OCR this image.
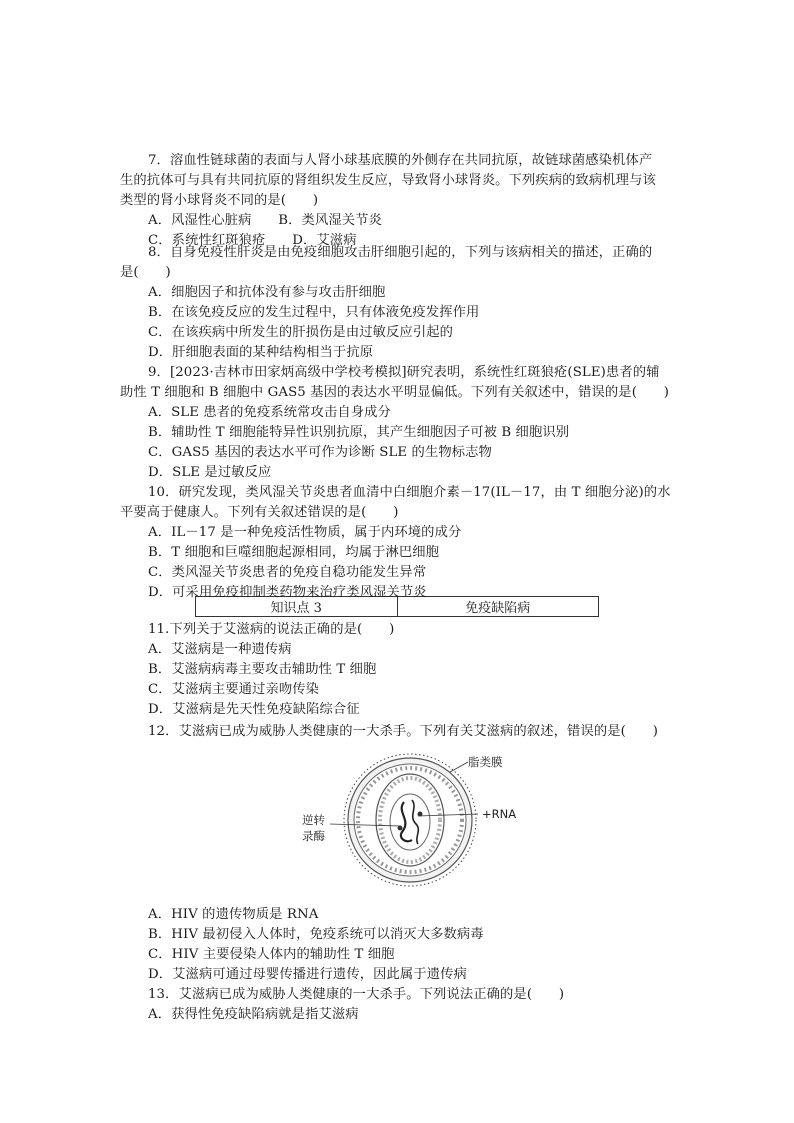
7．溶血性链球菌的表面与人肾小球基底膜的外侧存在共同抗原，故链球菌感染机体产
生的抗体可与具有共同抗原的肾组织发生反应，导致肾小球肾炎。下列疾病的致病机理与该
类型的肾小球肾炎不同的是(　　)
A．风湿性心脏病　　B．类风湿关节炎
C．系统性红斑狼疮　　D．艾滋病
8．自身免疫性肝炎是由免疫细胞攻击肝细胞引起的，下列与该病相关的描述，正确的
是(　　)
A．细胞因子和抗体没有参与攻击肝细胞
B．在该免疫反应的发生过程中，只有体液免疫发挥作用
C．在该疾病中所发生的肝损伤是由过敏反应引起的
D．肝细胞表面的某种结构相当于抗原
9．[2023·吉林市田家炳高级中学校考模拟]研究表明，系统性红斑狼疮(SLE)患者的辅
助性 T 细胞和 B 细胞中 GAS5 基因的表达水平明显偏低。下列有关叙述中，错误的是(　　)
A．SLE 患者的免疫系统常攻击自身成分
B．辅助性 T 细胞能特异性识别抗原，其产生细胞因子可被 B 细胞识别
C．GAS5 基因的表达水平可作为诊断 SLE 的生物标志物
D．SLE 是过敏反应
10．研究发现，类风湿关节炎患者血清中白细胞介素－17(IL－17，由 T 细胞分泌)的水
平要高于健康人。下列有关叙述错误的是(　　)
A．IL－17 是一种免疫活性物质，属于内环境的成分
B．T 细胞和巨噬细胞起源相同，均属于淋巴细胞
C．类风湿关节炎患者的免疫自稳功能发生异常
知识点 3	免疫缺陷病
11.下列关于艾滋病的说法正确的是(　　)
A．艾滋病是一种遗传病
B．艾滋病病毒主要攻击辅助性 T 细胞
C．艾滋病主要通过亲吻传染
D．艾滋病是先天性免疫缺陷综合征
12．艾滋病已成为威胁人类健康的一大杀手。下列有关艾滋病的叙述，错误的是(　　)
脂类膜
+RNA
逆转
录酶
A．HIV 的遗传物质是 RNA
B．HIV 最初侵入人体时，免疫系统可以消灭大多数病毒
C．HIV 主要侵染人体内的辅助性 T 细胞
D．艾滋病可通过母婴传播进行遗传，因此属于遗传病
13．艾滋病已成为威胁人类健康的一大杀手。下列说法正确的是(　　)
A．获得性免疫缺陷病就是指艾滋病
D．可采用免疫抑制类药物来治疗类风湿关节炎
